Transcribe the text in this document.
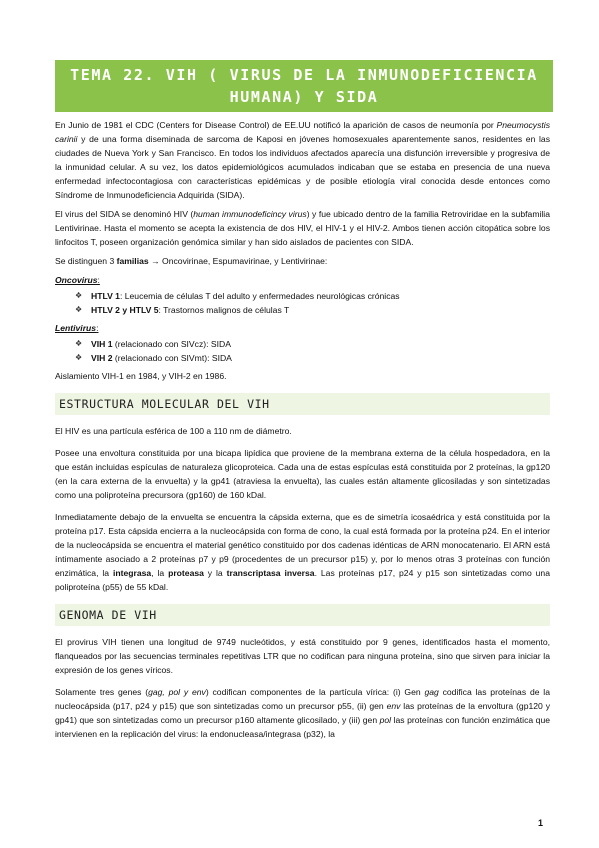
TEMA 22. VIH ( VIRUS DE LA INMUNODEFICIENCIA HUMANA) Y SIDA

En Junio de 1981 el CDC (Centers for Disease Control) de EE.UU notificó la aparición de casos de neumonía por Pneumocystis carinii y de una forma diseminada de sarcoma de Kaposi en jóvenes homosexuales aparentemente sanos, residentes en las ciudades de Nueva York y San Francisco. En todos los individuos afectados aparecía una disfunción irreversible y progresiva de la inmunidad celular. A su vez, los datos epidemiológicos acumulados indicaban que se estaba en presencia de una nueva enfermedad infectocontagiosa con características epidémicas y de posible etiología viral conocida desde entonces como Síndrome de Inmunodeficiencia Adquirida (SIDA).

El virus del SIDA se denominó HIV (human immunodeficincy virus) y fue ubicado dentro de la familia Retroviridae en la subfamilia Lentivirinae. Hasta el momento se acepta la existencia de dos HIV, el HIV-1 y el HIV-2. Ambos tienen acción citopática sobre los linfocitos T, poseen organización genómica similar y han sido aislados de pacientes con SIDA.

Se distinguen 3 familias → Oncovirinae, Espumavirinae, y Lentivirinae:

Oncovirus:
❖ HTLV 1: Leucemia de células T del adulto y enfermedades neurológicas crónicas
❖ HTLV 2 y HTLV 5: Trastornos malignos de células T
Lentivirus:
❖ VIH 1 (relacionado con SIVcz): SIDA
❖ VIH 2 (relacionado con SIVmt): SIDA

Aislamiento VIH-1 en 1984, y VIH-2 en 1986.

ESTRUCTURA MOLECULAR DEL VIH

El HIV es una partícula esférica de 100 a 110 nm de diámetro.

Posee una envoltura constituida por una bicapa lipídica que proviene de la membrana externa de la célula hospedadora, en la que están incluidas espículas de naturaleza glicoproteica. Cada una de estas espículas está constituida por 2 proteínas, la gp120 (en la cara externa de la envuelta) y la gp41 (atraviesa la envuelta), las cuales están altamente glicosiladas y son sintetizadas como una poliproteína precursora (gp160) de 160 kDal.

Inmediatamente debajo de la envuelta se encuentra la cápsida externa, que es de simetría icosaédrica y está constituida por la proteína p17. Esta cápsida encierra a la nucleocápsida con forma de cono, la cual está formada por la proteína p24. En el interior de la nucleocápsida se encuentra el material genético constituido por dos cadenas idénticas de ARN monocatenario. El ARN está íntimamente asociado a 2 proteínas p7 y p9 (procedentes de un precursor p15) y, por lo menos otras 3 proteínas con función enzimática, la integrasa, la proteasa y la transcriptasa inversa. Las proteínas p17, p24 y p15 son sintetizadas como una poliproteína (p55) de 55 kDal.

GENOMA DE VIH

El provirus VIH tienen una longitud de 9749 nucleótidos, y está constituido por 9 genes, identificados hasta el momento, flanqueados por las secuencias terminales repetitivas LTR que no codifican para ninguna proteína, sino que sirven para iniciar la expresión de los genes víricos.

Solamente tres genes (gag, pol y env) codifican componentes de la partícula vírica: (i) Gen gag codifica las proteínas de la nucleocápsida (p17, p24 y p15) que son sintetizadas como un precursor p55, (ii) gen env las proteínas de la envoltura (gp120 y gp41) que son sintetizadas como un precursor p160 altamente glicosilado, y (iii) gen pol las proteínas con función enzimática que intervienen en la replicación del virus: la endonucleasa/integrasa (p32), la

1
